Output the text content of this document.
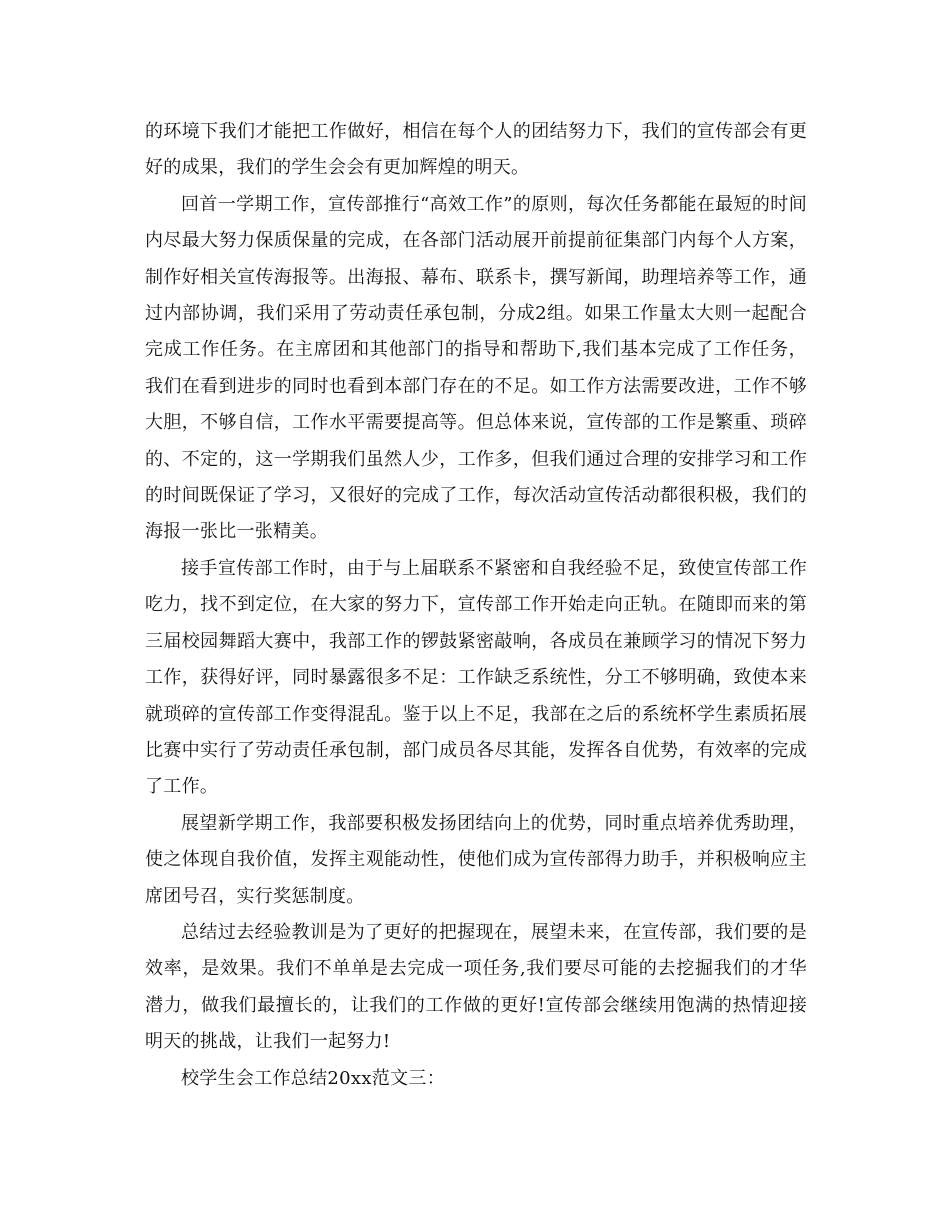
的环境下我们才能把工作做好，相信在每个人的团结努力下，我们的宣传部会有更好的成果，我们的学生会会有更加辉煌的明天。

回首一学期工作，宣传部推行“高效工作”的原则，每次任务都能在最短的时间内尽最大努力保质保量的完成，在各部门活动展开前提前征集部门内每个人方案，制作好相关宣传海报等。出海报、幕布、联系卡，撰写新闻，助理培养等工作，通过内部协调，我们采用了劳动责任承包制，分成2组。如果工作量太大则一起配合完成工作任务。在主席团和其他部门的指导和帮助下,我们基本完成了工作任务，我们在看到进步的同时也看到本部门存在的不足。如工作方法需要改进，工作不够大胆，不够自信，工作水平需要提高等。但总体来说，宣传部的工作是繁重、琐碎的、不定的，这一学期我们虽然人少，工作多，但我们通过合理的安排学习和工作的时间既保证了学习，又很好的完成了工作，每次活动宣传活动都很积极，我们的海报一张比一张精美。

接手宣传部工作时，由于与上届联系不紧密和自我经验不足，致使宣传部工作吃力，找不到定位，在大家的努力下，宣传部工作开始走向正轨。在随即而来的第三届校园舞蹈大赛中，我部工作的锣鼓紧密敲响，各成员在兼顾学习的情况下努力工作，获得好评，同时暴露很多不足：工作缺乏系统性，分工不够明确，致使本来就琐碎的宣传部工作变得混乱。鉴于以上不足，我部在之后的系统杯学生素质拓展比赛中实行了劳动责任承包制，部门成员各尽其能，发挥各自优势，有效率的完成了工作。

展望新学期工作，我部要积极发扬团结向上的优势，同时重点培养优秀助理，使之体现自我价值，发挥主观能动性，使他们成为宣传部得力助手，并积极响应主席团号召，实行奖惩制度。

总结过去经验教训是为了更好的把握现在，展望未来，在宣传部，我们要的是效率，是效果。我们不单单是去完成一项任务,我们要尽可能的去挖掘我们的才华潜力，做我们最擅长的，让我们的工作做的更好!宣传部会继续用饱满的热情迎接明天的挑战，让我们一起努力!

校学生会工作总结20xx范文三：
